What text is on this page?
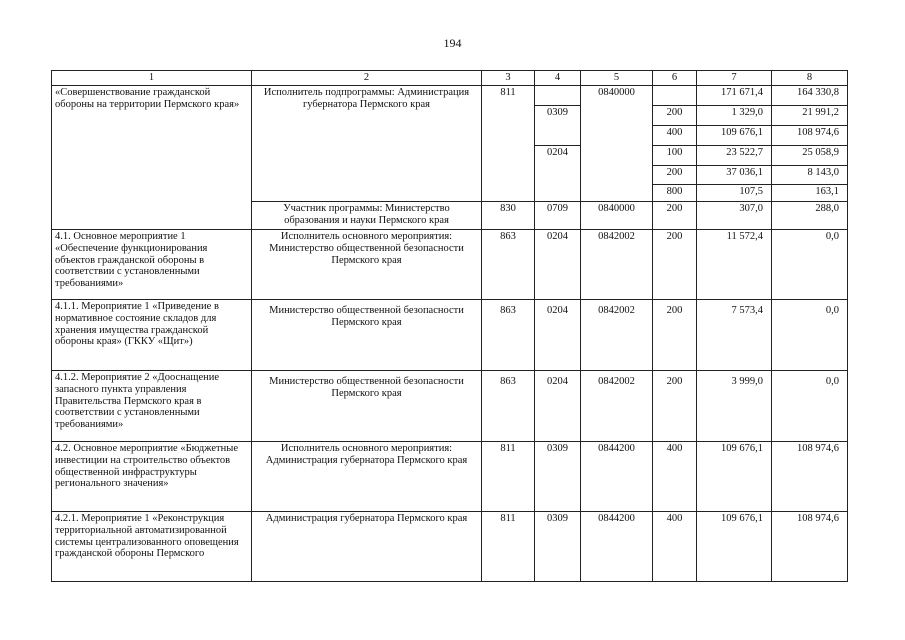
194
1	2	3	4	5	6	7	8
«Совершенствование гражданской обороны на территории Пермского края»	Исполнитель подпрограммы: Администрация губернатора Пермского края	811		0840000		171 671,4	164 330,8
			0309		200	1 329,0	21 991,2
					400	109 676,1	108 974,6
			0204		100	23 522,7	25 058,9
					200	37 036,1	8 143,0
					800	107,5	163,1
	Участник программы: Министерство образования и науки Пермского края	830	0709	0840000	200	307,0	288,0
4.1. Основное мероприятие 1 «Обеспечение функционирования объектов гражданской обороны в соответствии с установленными требованиями»	Исполнитель основного мероприятия: Министерство общественной безопасности Пермского края	863	0204	0842002	200	11 572,4	0,0
4.1.1. Мероприятие 1 «Приведение в нормативное состояние складов для хранения имущества гражданской обороны края» (ГККУ «Щит»)	Министерство общественной безопасности Пермского края	863	0204	0842002	200	7 573,4	0,0
4.1.2. Мероприятие 2 «Дооснащение запасного пункта управления Правительства Пермского края в соответствии с установленными требованиями»	Министерство общественной безопасности Пермского края	863	0204	0842002	200	3 999,0	0,0
4.2. Основное мероприятие «Бюджетные инвестиции на строительство объектов общественной инфраструктуры регионального значения»	Исполнитель основного мероприятия: Администрация губернатора Пермского края	811	0309	0844200	400	109 676,1	108 974,6
4.2.1. Мероприятие 1 «Реконструкция территориальной автоматизированной системы централизованного оповещения гражданской обороны Пермского	Администрация губернатора Пермского края	811	0309	0844200	400	109 676,1	108 974,6
